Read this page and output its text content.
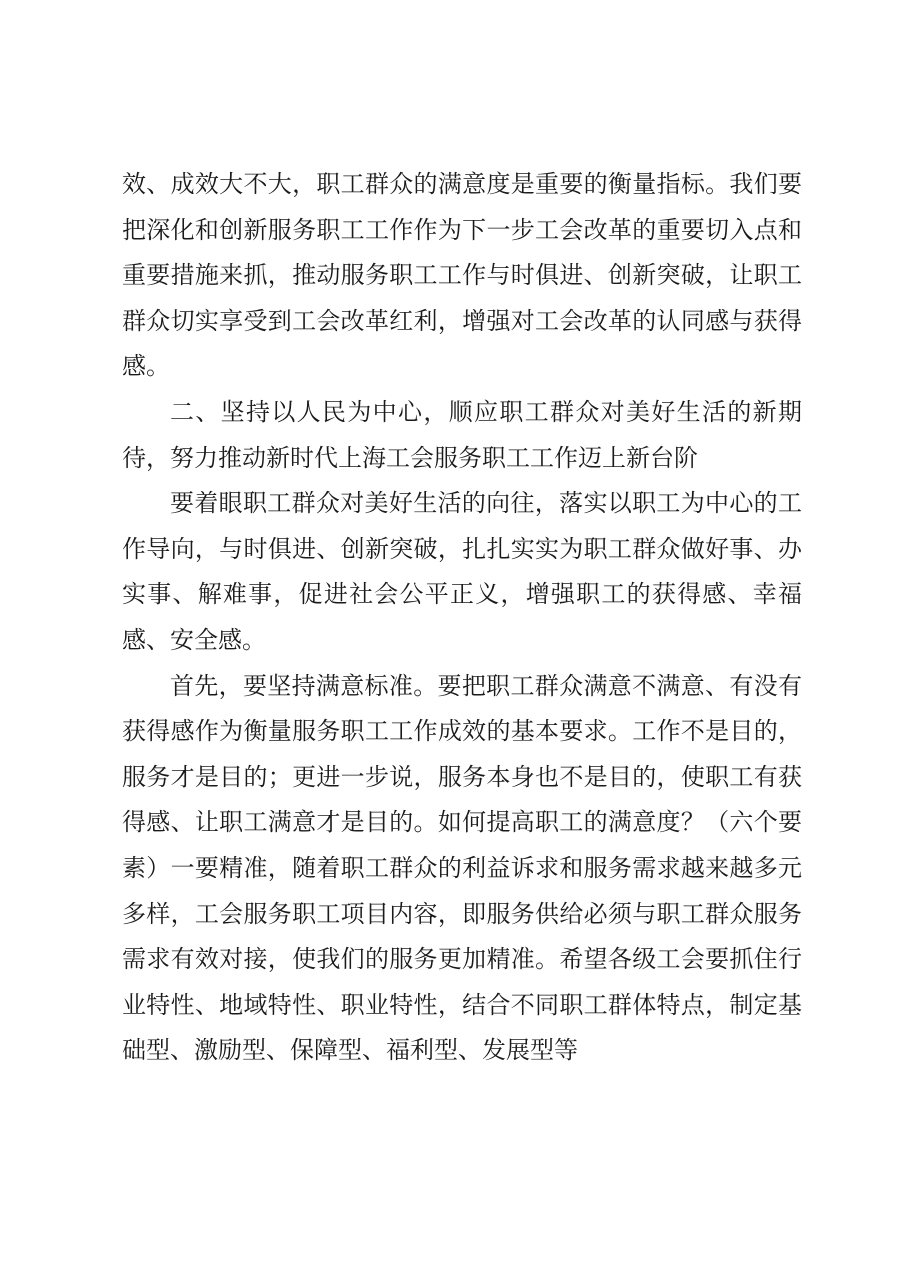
效、成效大不大，职工群众的满意度是重要的衡量指标。我们要把深化和创新服务职工工作作为下一步工会改革的重要切入点和重要措施来抓，推动服务职工工作与时俱进、创新突破，让职工群众切实享受到工会改革红利，增强对工会改革的认同感与获得感。

二、坚持以人民为中心，顺应职工群众对美好生活的新期待，努力推动新时代上海工会服务职工工作迈上新台阶

要着眼职工群众对美好生活的向往，落实以职工为中心的工作导向，与时俱进、创新突破，扎扎实实为职工群众做好事、办实事、解难事，促进社会公平正义，增强职工的获得感、幸福感、安全感。

首先，要坚持满意标准。要把职工群众满意不满意、有没有获得感作为衡量服务职工工作成效的基本要求。工作不是目的，服务才是目的；更进一步说，服务本身也不是目的，使职工有获得感、让职工满意才是目的。如何提高职工的满意度？（六个要素）一要精准，随着职工群众的利益诉求和服务需求越来越多元多样，工会服务职工项目内容，即服务供给必须与职工群众服务需求有效对接，使我们的服务更加精准。希望各级工会要抓住行业特性、地域特性、职业特性，结合不同职工群体特点，制定基础型、激励型、保障型、福利型、发展型等
